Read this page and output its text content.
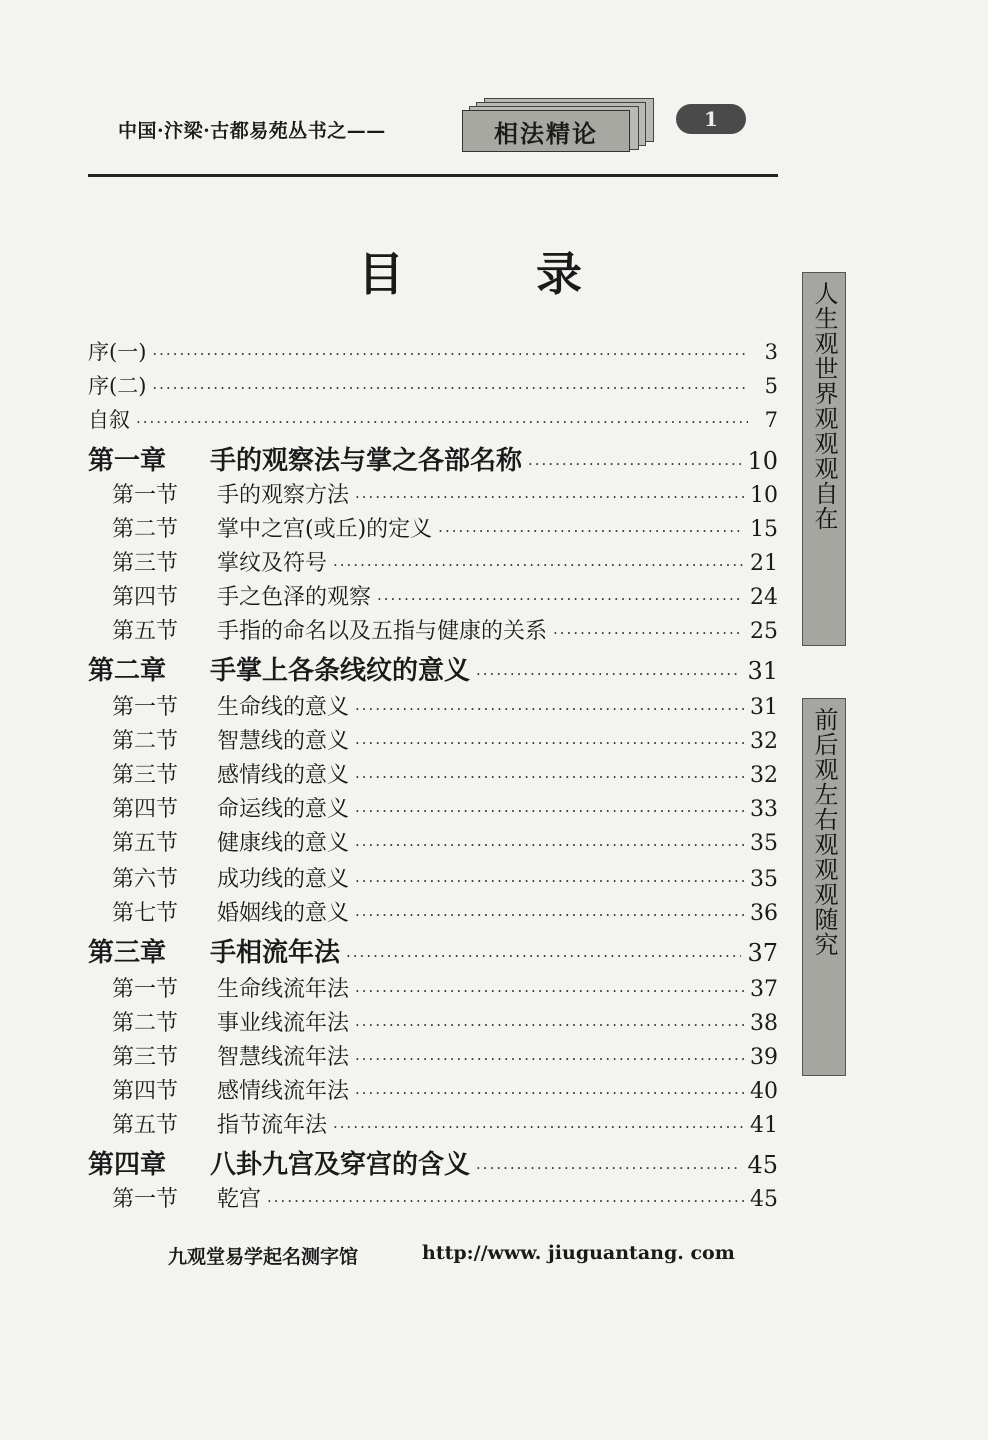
中国·汴梁·古都易苑丛书之——	相法精论	1
目 录
序(一) ·····	3
序(二) ·····	5
自叙 ·····	7
第一章	手的观察法与掌之各部名称 ·····	10
第一节	手的观察方法 ·····	10
第二节	掌中之宫(或丘)的定义 ·····	15
第三节	掌纹及符号 ·····	21
第四节	手之色泽的观察 ·····	24
第五节	手指的命名以及五指与健康的关系 ·····	25
第二章	手掌上各条线纹的意义 ·····	31
第一节	生命线的意义 ·····	31
第二节	智慧线的意义 ·····	32
第三节	感情线的意义 ·····	32
第四节	命运线的意义 ·····	33
第五节	健康线的意义 ·····	35
第六节	成功线的意义 ·····	35
第七节	婚姻线的意义 ·····	36
第三章	手相流年法 ·····	37
第一节	生命线流年法 ·····	37
第二节	事业线流年法 ·····	38
第三节	智慧线流年法 ·····	39
第四节	感情线流年法 ·····	40
第五节	指节流年法 ·····	41
第四章	八卦九宫及穿宫的含义 ·····	45
第一节	乾宫 ·····	45
人生观世界观观观自在
前后观左右观观观随究
九观堂易学起名测字馆	http://www. jiuguantang. com
